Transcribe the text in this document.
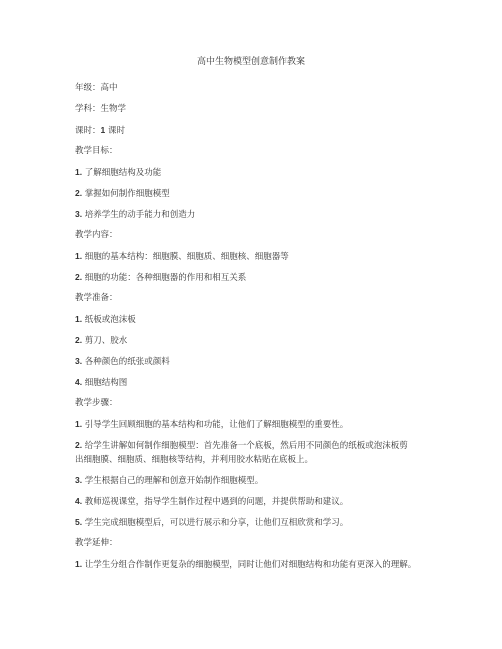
高中生物模型创意制作教案
年级：高中
学科：生物学
课时：1 课时
教学目标：
1. 了解细胞结构及功能
2. 掌握如何制作细胞模型
3. 培养学生的动手能力和创造力
教学内容：
1. 细胞的基本结构：细胞膜、细胞质、细胞核、细胞器等
2. 细胞的功能：各种细胞器的作用和相互关系
教学准备：
1. 纸板或泡沫板
2. 剪刀、胶水
3. 各种颜色的纸张或颜料
4. 细胞结构图
教学步骤：
1. 引导学生回顾细胞的基本结构和功能，让他们了解细胞模型的重要性。
2. 给学生讲解如何制作细胞模型：首先准备一个底板，然后用不同颜色的纸板或泡沫板剪
出细胞膜、细胞质、细胞核等结构，并利用胶水粘贴在底板上。
3. 学生根据自己的理解和创意开始制作细胞模型。
4. 教师巡视课堂，指导学生制作过程中遇到的问题，并提供帮助和建议。
5. 学生完成细胞模型后，可以进行展示和分享，让他们互相欣赏和学习。
教学延伸：
1. 让学生分组合作制作更复杂的细胞模型，同时让他们对细胞结构和功能有更深入的理解。
